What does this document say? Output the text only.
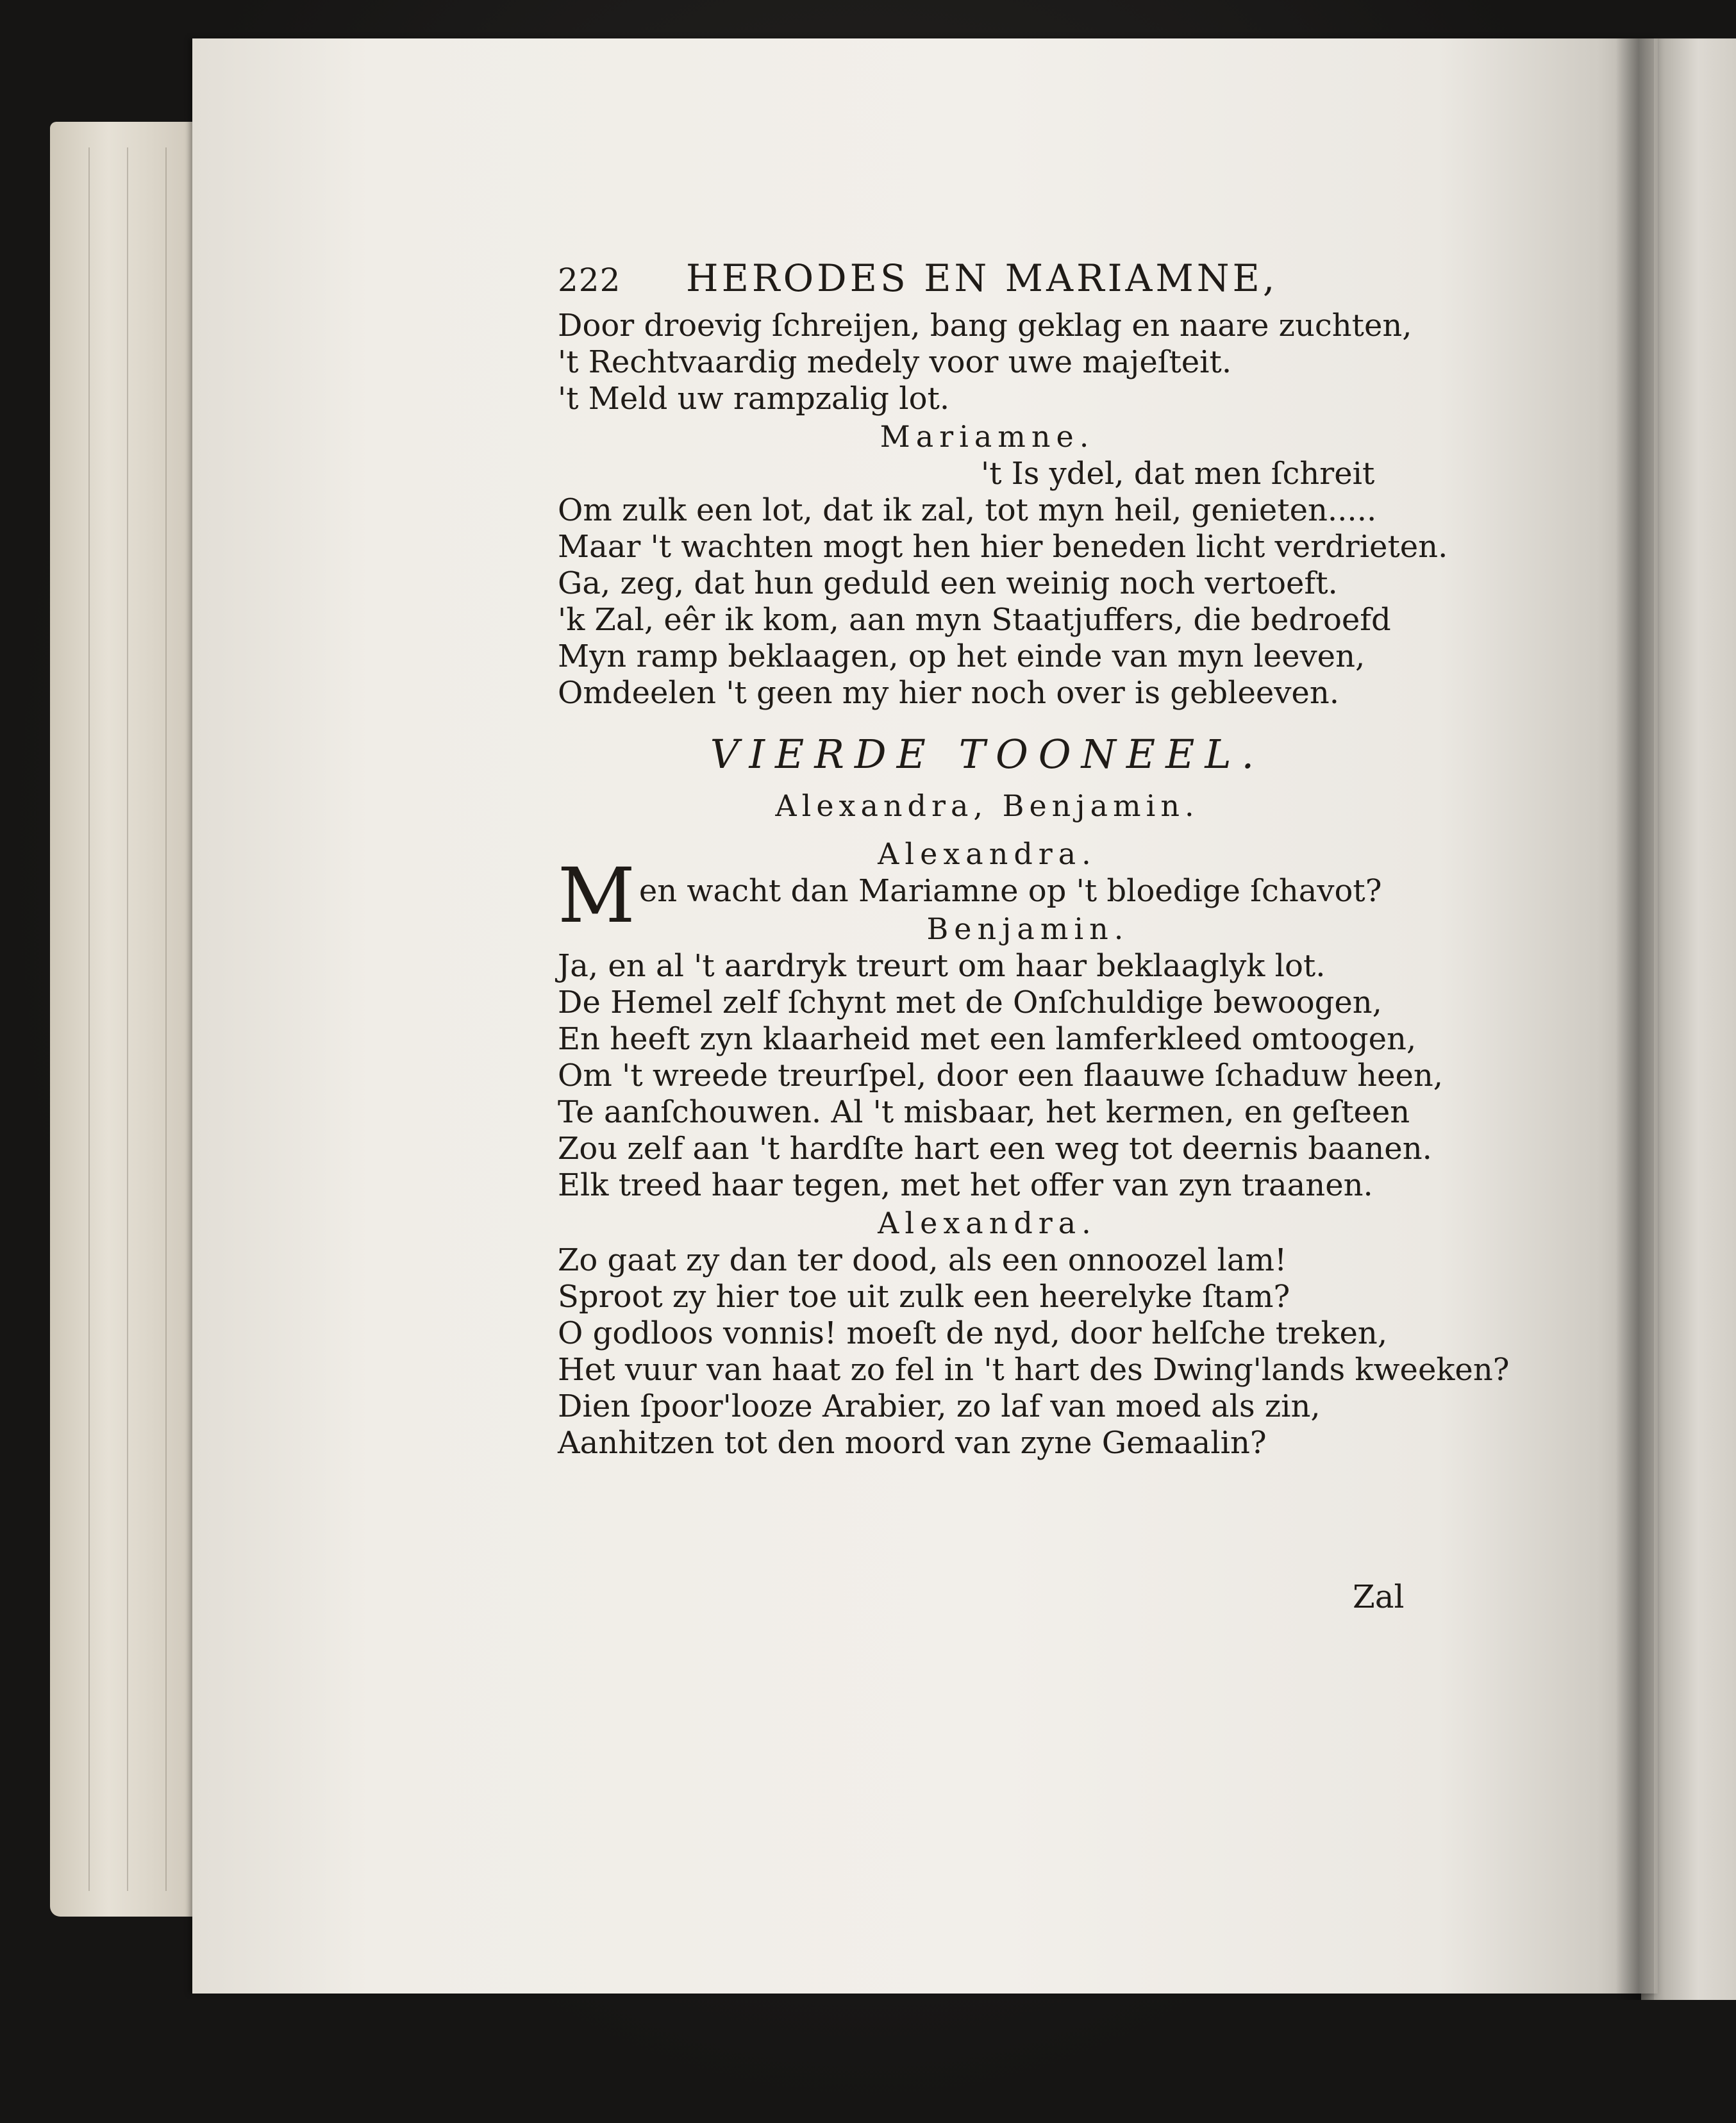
222	HERODES EN MARIAMNE,
Door droevig ſchreijen, bang geklag en naare zuchten,
't Rechtvaardig medely voor uwe majeſteit.
't Meld uw rampzalig lot.
Mariamne.
't Is ydel, dat men ſchreit
Om zulk een lot, dat ik zal, tot myn heil, genieten.....
Maar 't wachten mogt hen hier beneden licht verdrieten.
Ga, zeg, dat hun geduld een weinig noch vertoeft.
'k Zal, eêr ik kom, aan myn Staatjuffers, die bedroefd
Myn ramp beklaagen, op het einde van myn leeven,
Omdeelen 't geen my hier noch over is gebleeven.
VIERDE TOONEEL.
Alexandra, Benjamin.
Alexandra.
Men wacht dan Mariamne op 't bloedige ſchavot?
Benjamin.
Ja, en al 't aardryk treurt om haar beklaaglyk lot.
De Hemel zelf ſchynt met de Onſchuldige bewoogen,
En heeft zyn klaarheid met een lamferkleed omtoogen,
Om 't wreede treurſpel, door een flaauwe ſchaduw heen,
Te aanſchouwen. Al 't misbaar, het kermen, en geſteen
Zou zelf aan 't hardſte hart een weg tot deernis baanen.
Elk treed haar tegen, met het offer van zyn traanen.
Alexandra.
Zo gaat zy dan ter dood, als een onnoozel lam!
Sproot zy hier toe uit zulk een heerelyke ſtam?
O godloos vonnis! moeſt de nyd, door helſche treken,
Het vuur van haat zo fel in 't hart des Dwing'lands kweeken?
Dien ſpoor'looze Arabier, zo laf van moed als zin,
Aanhitzen tot den moord van zyne Gemaalin?
Zal
